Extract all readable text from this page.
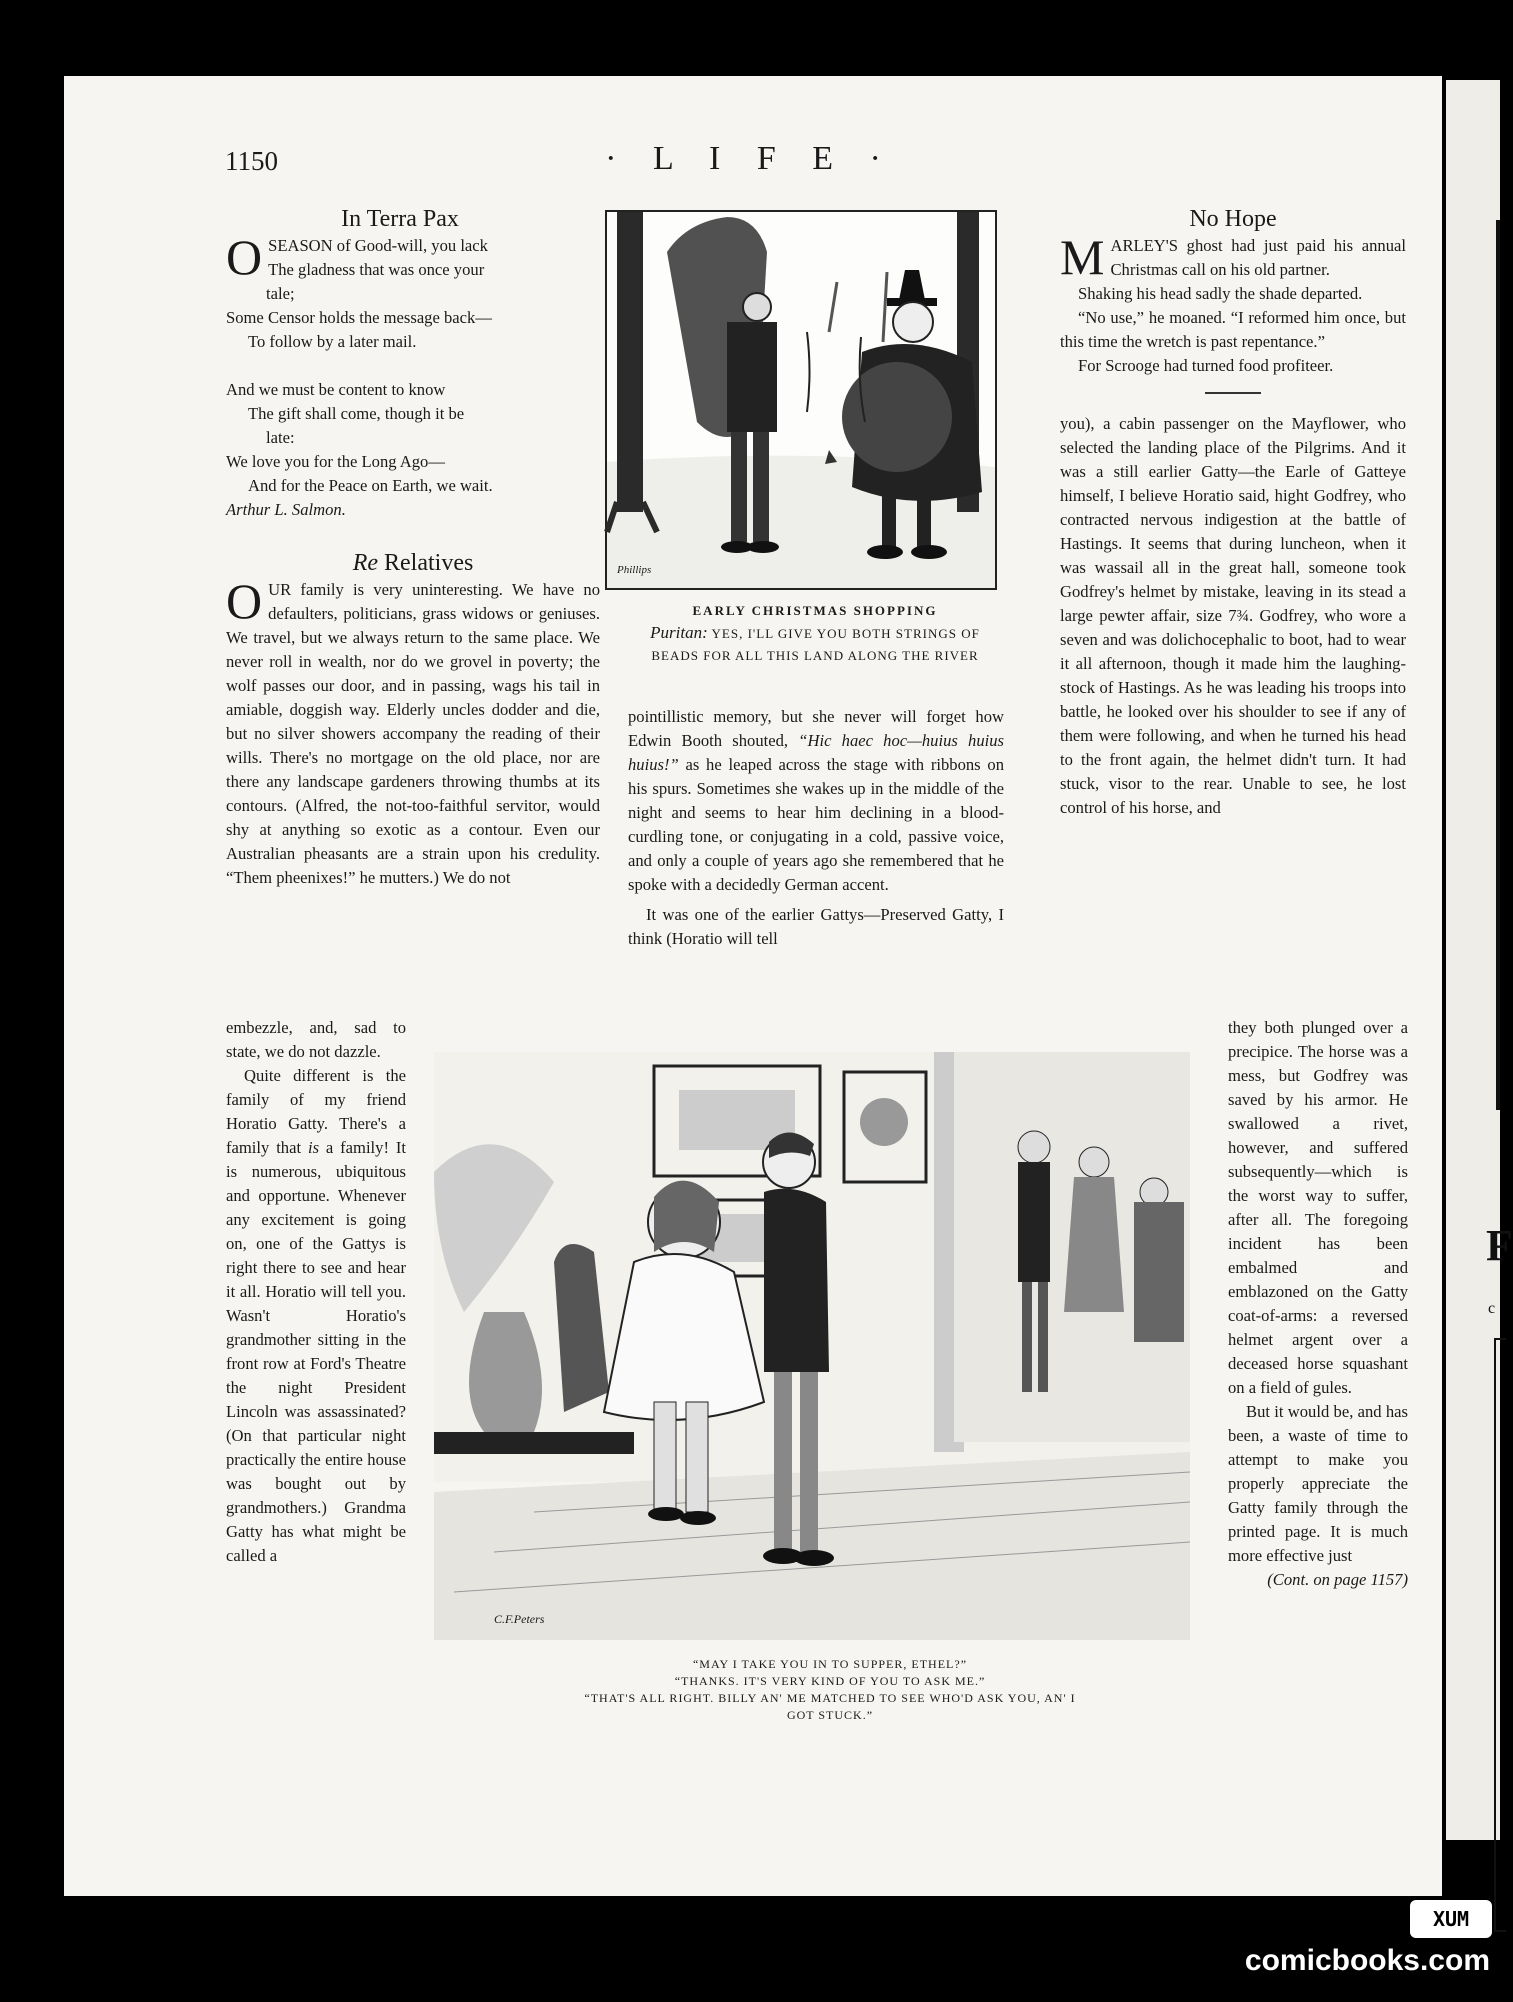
1150
F
c
· L I F E ·

In Terra Pax

OSEASON of Good-will, you lack

The gladness that was once your

tale;

Some Censor holds the message back—

To follow by a later mail.

And we must be content to know

The gift shall come, though it be

late:

We love you for the Long Ago—

And for the Peace on Earth, we wait.

Arthur L. Salmon.

Re Relatives

OUR family is very uninteresting. We have no defaulters, politicians, grass widows or geniuses. We travel, but we always return to the same place. We never roll in wealth, nor do we grovel in poverty; the wolf passes our door, and in passing, wags his tail in amiable, doggish way. Elderly uncles dodder and die, but no silver showers accompany the reading of their wills. There's no mortgage on the old place, nor are there any landscape gardeners throwing thumbs at its contours. (Alfred, the not-too-faithful servitor, would shy at anything so exotic as a contour. Even our Australian pheasants are a strain upon his credulity. “Them pheenixes!” he mutters.) We do not

embezzle, and, sad to state, we do not dazzle.

Quite different is the family of my friend Horatio Gatty. There's a family that is a family! It is numerous, ubiquitous and opportune. Whenever any excitement is going on, one of the Gattys is right there to see and hear it all. Horatio will tell you. Wasn't Horatio's grandmother sitting in the front row at Ford's Theatre the night President Lincoln was assassinated? (On that particular night practically the entire house was bought out by grandmothers.) Grandma Gatty has what might be called a

Phillips
EARLY CHRISTMAS SHOPPING
Puritan: YES, I'LL GIVE YOU BOTH STRINGS OF
BEADS FOR ALL THIS LAND ALONG THE RIVER

pointillistic memory, but she never will forget how Edwin Booth shouted, “Hic haec hoc—huius huius huius!” as he leaped across the stage with ribbons on his spurs. Sometimes she wakes up in the middle of the night and seems to hear him declining in a blood-curdling tone, or conjugating in a cold, passive voice, and only a couple of years ago she remembered that he spoke with a decidedly German accent.

It was one of the earlier Gattys—Preserved Gatty, I think (Horatio will tell

No Hope

MARLEY'S ghost had just paid his annual Christmas call on his old partner.

Shaking his head sadly the shade departed.

“No use,” he moaned. “I reformed him once, but this time the wretch is past repentance.”

For Scrooge had turned food profiteer.

you), a cabin passenger on the Mayflower, who selected the landing place of the Pilgrims. And it was a still earlier Gatty—the Earle of Gatteye himself, I believe Horatio said, hight Godfrey, who contracted nervous indigestion at the battle of Hastings. It seems that during luncheon, when it was wassail all in the great hall, someone took Godfrey's helmet by mistake, leaving in its stead a large pewter affair, size 7¾. Godfrey, who wore a seven and was dolichocephalic to boot, had to wear it all afternoon, though it made him the laughing-stock of Hastings. As he was leading his troops into battle, he looked over his shoulder to see if any of them were following, and when he turned his head to the front again, the helmet didn't turn. It had stuck, visor to the rear. Unable to see, he lost control of his horse, and

C.F.Peters
“MAY I TAKE YOU IN TO SUPPER, ETHEL?”
“THANKS. IT'S VERY KIND OF YOU TO ASK ME.”
“THAT'S ALL RIGHT. BILLY AN' ME MATCHED TO SEE WHO'D ASK YOU, AN' I
GOT STUCK.”

they both plunged over a precipice. The horse was a mess, but Godfrey was saved by his armor. He swallowed a rivet, however, and suffered subsequently—which is the worst way to suffer, after all. The foregoing incident has been embalmed and emblazoned on the Gatty coat-of-arms: a reversed helmet argent over a deceased horse squashant on a field of gules.

But it would be, and has been, a waste of time to attempt to make you properly appreciate the Gatty family through the printed page. It is much more effective just

(Cont. on page 1157)

XUM
comicbooks.com
